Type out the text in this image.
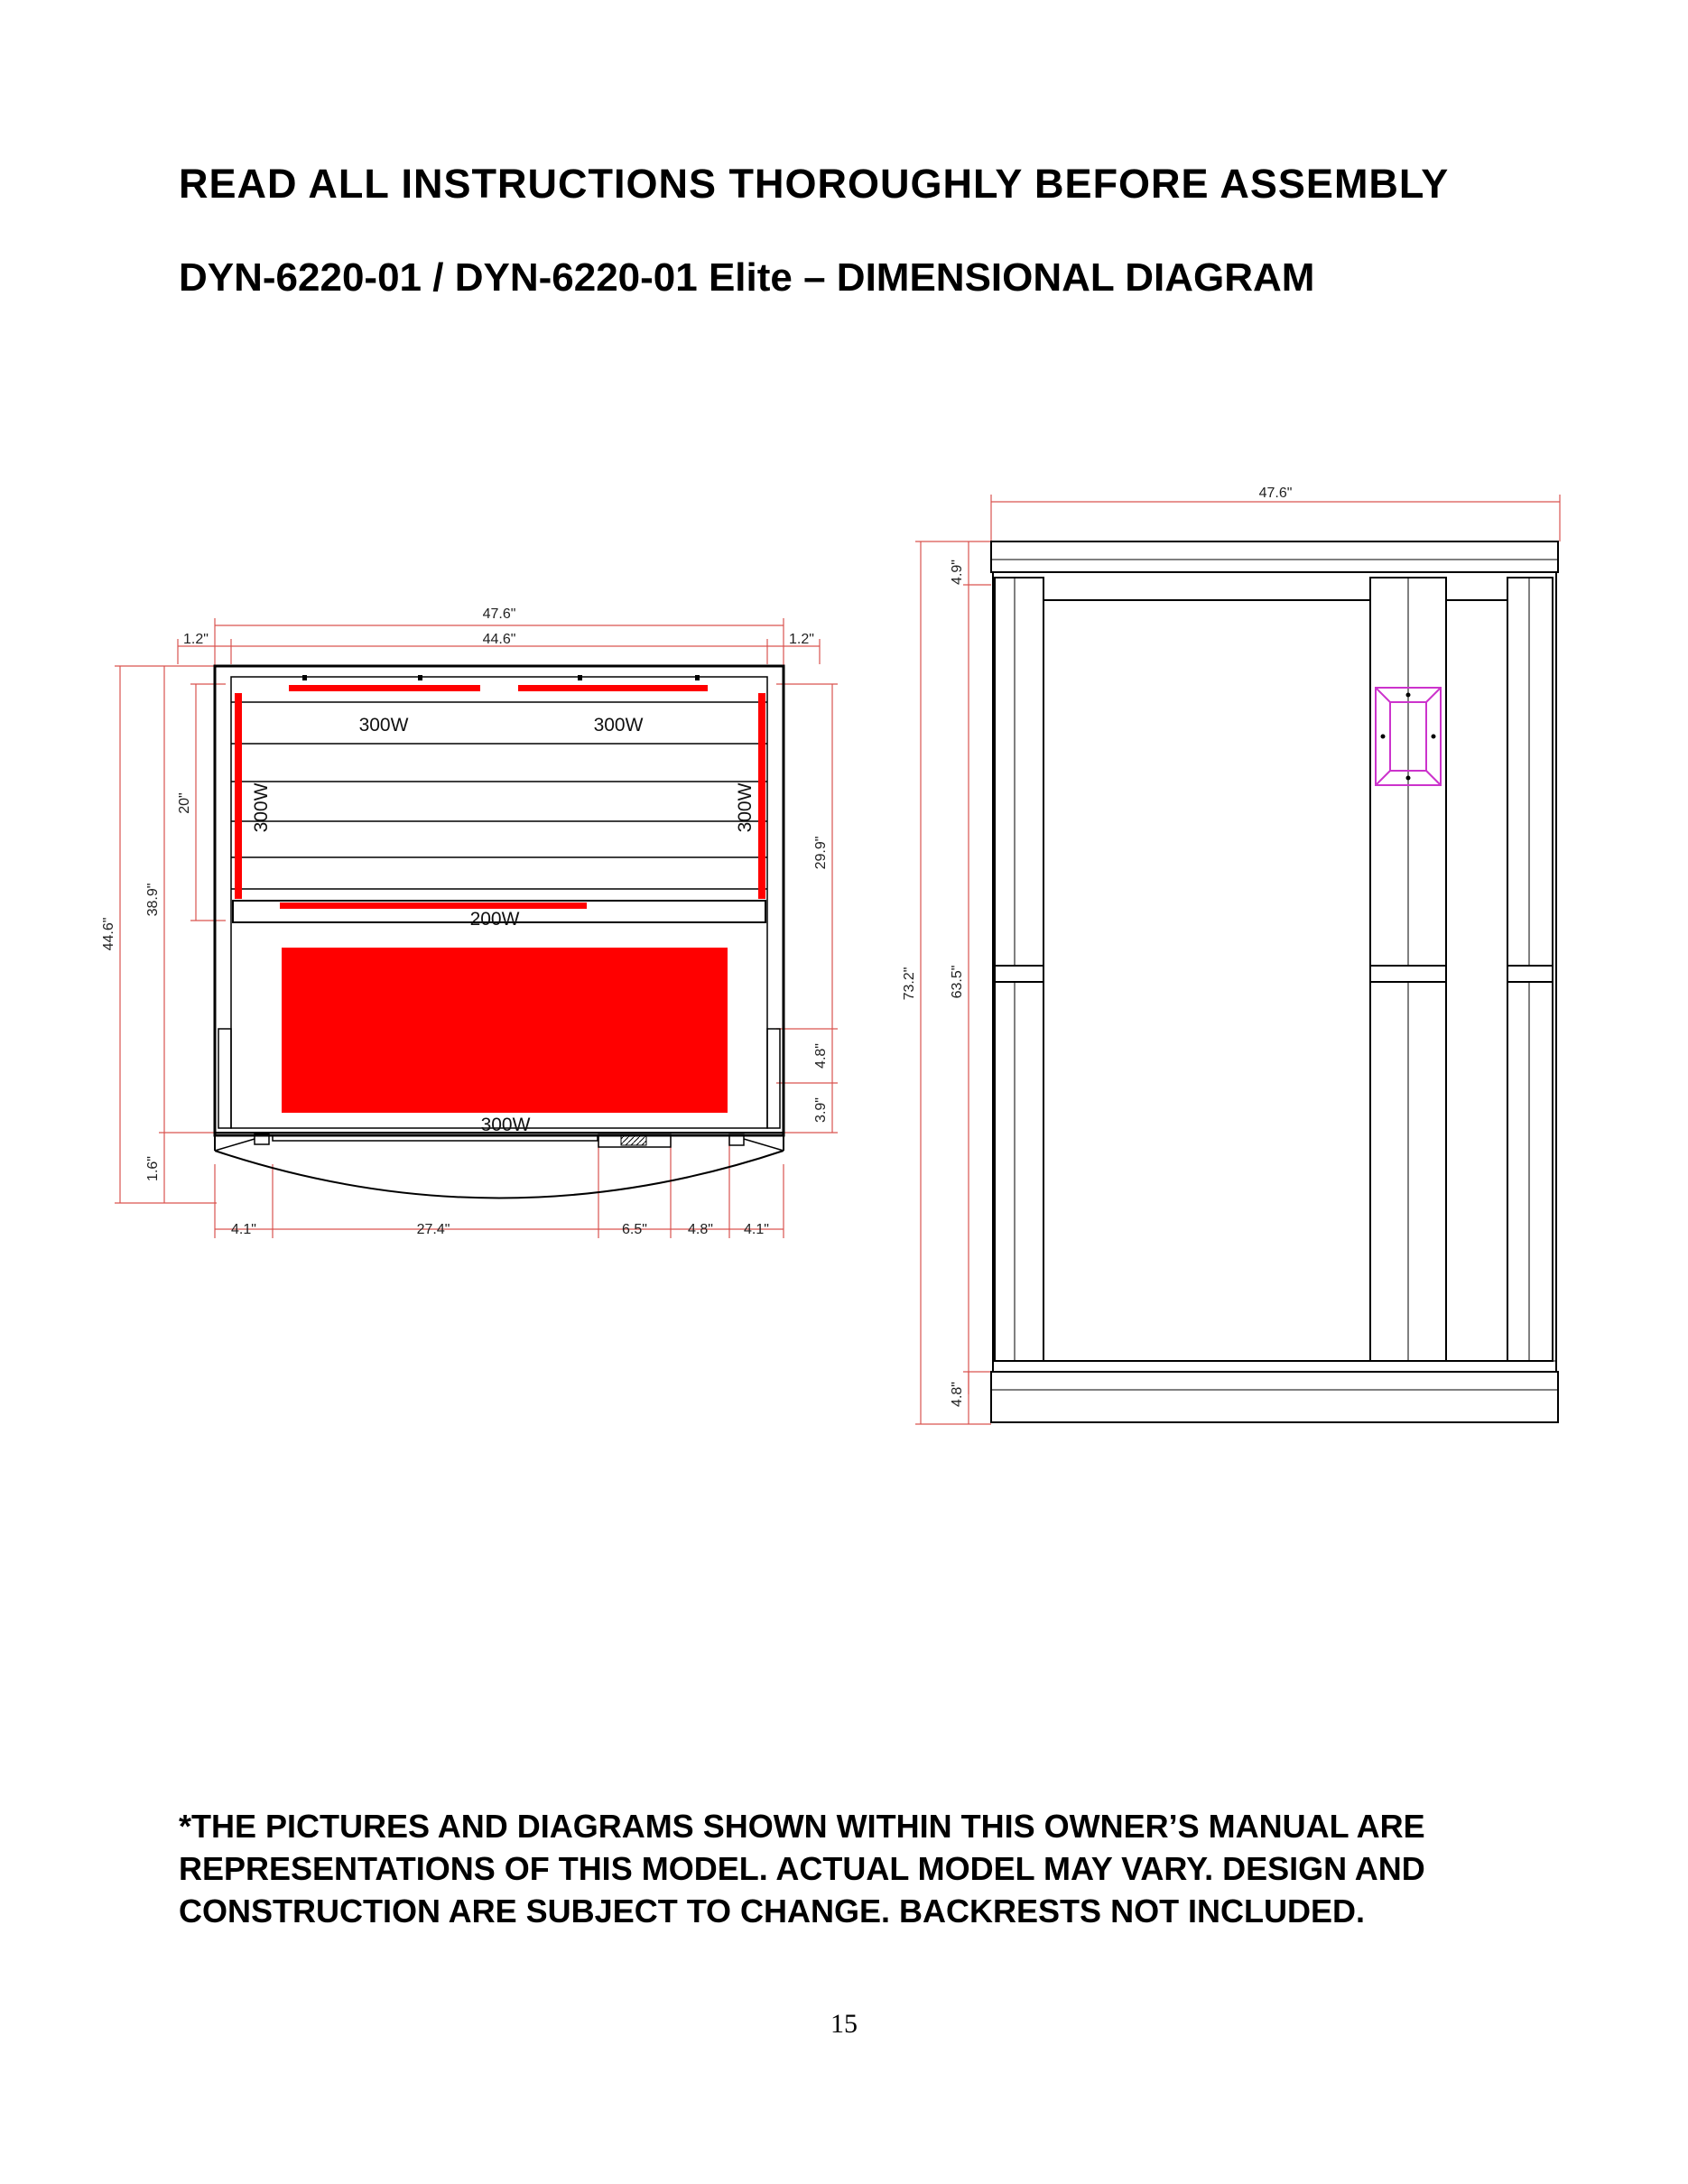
READ ALL INSTRUCTIONS THOROUGHLY BEFORE ASSEMBLY
DYN-6220-01 / DYN-6220-01 Elite – DIMENSIONAL DIAGRAM
47.6"
44.6"
1.2"	1.2"
44.6"
38.9"
20"
29.9"
4.8"
3.9"
1.6"
4.1"	27.4"	6.5"	4.8" 4.1"
300W	300W
300W	300W
200W
300W
47.6"
73.2"
4.9"
63.5"
4.8"
*THE PICTURES AND DIAGRAMS SHOWN WITHIN THIS OWNER’S MANUAL ARE
REPRESENTATIONS OF THIS MODEL. ACTUAL MODEL MAY VARY. DESIGN AND
CONSTRUCTION ARE SUBJECT TO CHANGE. BACKRESTS NOT INCLUDED.
15
